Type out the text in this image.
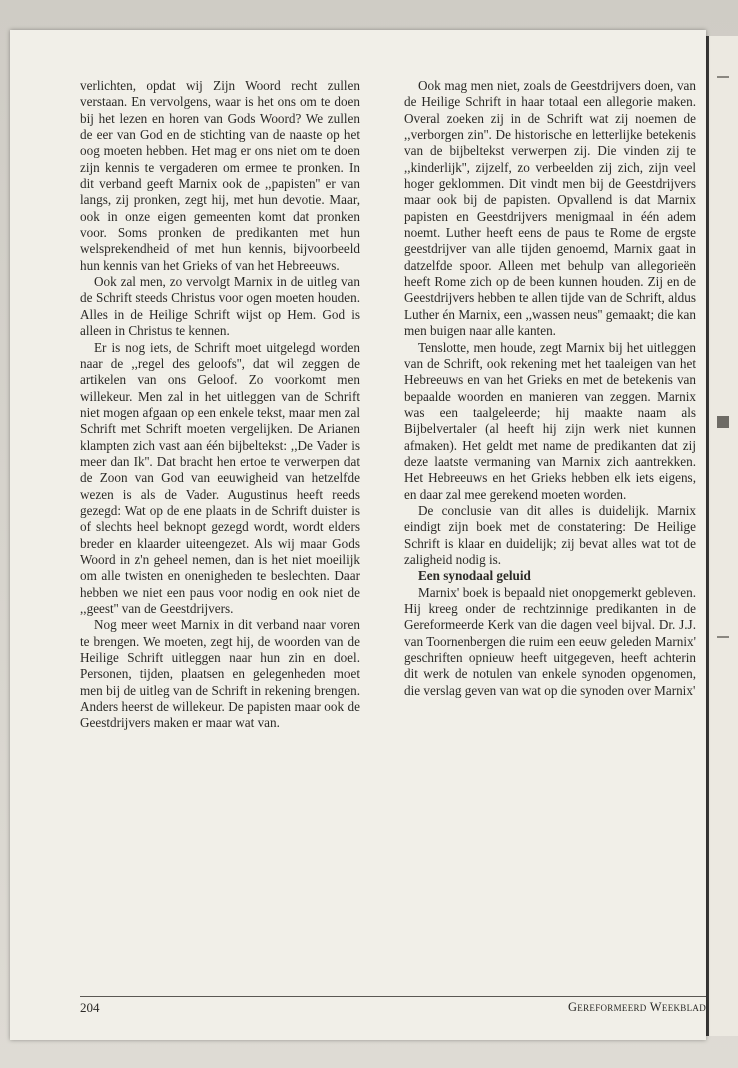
verlichten, opdat wij Zijn Woord recht zullen verstaan. En vervolgens, waar is het ons om te doen bij het lezen en horen van Gods Woord? We zullen de eer van God en de stichting van de naaste op het oog moeten hebben. Het mag er ons niet om te doen zijn kennis te vergaderen om ermee te pronken. In dit verband geeft Marnix ook de ,,papisten'' er van langs, zij pronken, zegt hij, met hun devotie. Maar, ook in onze eigen gemeenten komt dat pronken voor. Soms pronken de predikanten met hun welsprekendheid of met hun kennis, bijvoorbeeld hun kennis van het Grieks of van het Hebreeuws.

Ook zal men, zo vervolgt Marnix in de uitleg van de Schrift steeds Christus voor ogen moeten houden. Alles in de Heilige Schrift wijst op Hem. God is alleen in Christus te kennen.

Er is nog iets, de Schrift moet uitgelegd worden naar de ,,regel des geloofs'', dat wil zeggen de artikelen van ons Geloof. Zo voorkomt men willekeur. Men zal in het uitleggen van de Schrift niet mogen afgaan op een enkele tekst, maar men zal Schrift met Schrift moeten vergelijken. De Arianen klampten zich vast aan één bijbeltekst: ,,De Vader is meer dan Ik''. Dat bracht hen ertoe te verwerpen dat de Zoon van God van eeuwigheid van hetzelfde wezen is als de Vader. Augustinus heeft reeds gezegd: Wat op de ene plaats in de Schrift duister is of slechts heel beknopt gezegd wordt, wordt elders breder en klaarder uiteengezet. Als wij maar Gods Woord in z'n geheel nemen, dan is het niet moeilijk om alle twisten en onenigheden te beslechten. Daar hebben we niet een paus voor nodig en ook niet de ,,geest'' van de Geestdrijvers.

Nog meer weet Marnix in dit verband naar voren te brengen. We moeten, zegt hij, de woorden van de Heilige Schrift uitleggen naar hun zin en doel. Personen, tijden, plaatsen en gelegenheden moet men bij de uitleg van de Schrift in rekening brengen. Anders heerst de willekeur. De papisten maar ook de Geestdrijvers maken er maar wat van.

Ook mag men niet, zoals de Geestdrijvers doen, van de Heilige Schrift in haar totaal een allegorie maken. Overal zoeken zij in de Schrift wat zij noemen de ,,verborgen zin''. De historische en letterlijke betekenis van de bijbeltekst verwerpen zij. Die vinden zij te ,,kinderlijk'', zijzelf, zo verbeelden zij zich, zijn veel hoger geklommen. Dit vindt men bij de Geestdrijvers maar ook bij de papisten. Opvallend is dat Marnix papisten en Geestdrijvers menigmaal in één adem noemt. Luther heeft eens de paus te Rome de ergste geestdrijver van alle tijden genoemd, Marnix gaat in datzelfde spoor. Alleen met behulp van allegorieën heeft Rome zich op de been kunnen houden. Zij en de Geestdrijvers hebben te allen tijde van de Schrift, aldus Luther én Marnix, een ,,wassen neus'' gemaakt; die kan men buigen naar alle kanten.

Tenslotte, men houde, zegt Marnix bij het uitleggen van de Schrift, ook rekening met het taaleigen van het Hebreeuws en van het Grieks en met de betekenis van bepaalde woorden en manieren van zeggen. Marnix was een taalgeleerde; hij maakte naam als Bijbelvertaler (al heeft hij zijn werk niet kunnen afmaken). Het geldt met name de predikanten dat zij deze laatste vermaning van Marnix zich aantrekken. Het Hebreeuws en het Grieks hebben elk iets eigens, en daar zal mee gerekend moeten worden.

De conclusie van dit alles is duidelijk. Marnix eindigt zijn boek met de constatering: De Heilige Schrift is klaar en duidelijk; zij bevat alles wat tot de zaligheid nodig is.

Een synodaal geluid

Marnix' boek is bepaald niet onopgemerkt gebleven. Hij kreeg onder de rechtzinnige predikanten in de Gereformeerde Kerk van die dagen veel bijval. Dr. J.J. van Toornenbergen die ruim een eeuw geleden Marnix' geschriften opnieuw heeft uitgegeven, heeft achterin dit werk de notulen van enkele synoden opgenomen, die verslag geven van wat op die synoden over Marnix'

204	Gereformeerd Weekblad
